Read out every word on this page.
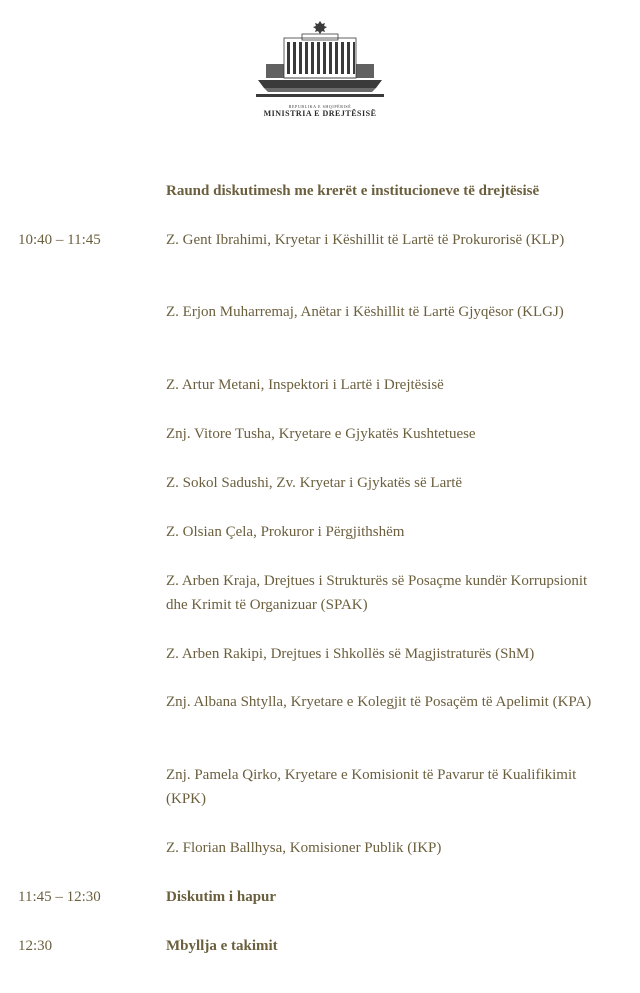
REPUBLIKA E SHQIPËRISË
MINISTRIA E DREJTËSISË
Raund diskutimesh me krerët e institucioneve të drejtësisë
10:40 – 11:45	Z. Gent Ibrahimi, Kryetar i Këshillit të Lartë të Prokurorisë (KLP)
Z. Erjon Muharremaj, Anëtar i Këshillit të Lartë Gjyqësor (KLGJ)
Z. Artur Metani, Inspektori i Lartë i Drejtësisë
Znj. Vitore Tusha, Kryetare e Gjykatës Kushtetuese
Z. Sokol Sadushi, Zv. Kryetar i Gjykatës së Lartë
Z. Olsian Çela, Prokuror i Përgjithshëm
Z. Arben Kraja, Drejtues i Strukturës së Posaçme kundër Korrupsionit dhe Krimit të Organizuar (SPAK)
Z. Arben Rakipi, Drejtues i Shkollës së Magjistraturës (ShM)
Znj. Albana Shtylla, Kryetare e Kolegjit të Posaçëm të Apelimit (KPA)
Znj. Pamela Qirko, Kryetare e Komisionit të Pavarur të Kualifikimit (KPK)
Z. Florian Ballhysa, Komisioner Publik (IKP)
11:45 – 12:30	Diskutim i hapur
12:30	Mbyllja e takimit
